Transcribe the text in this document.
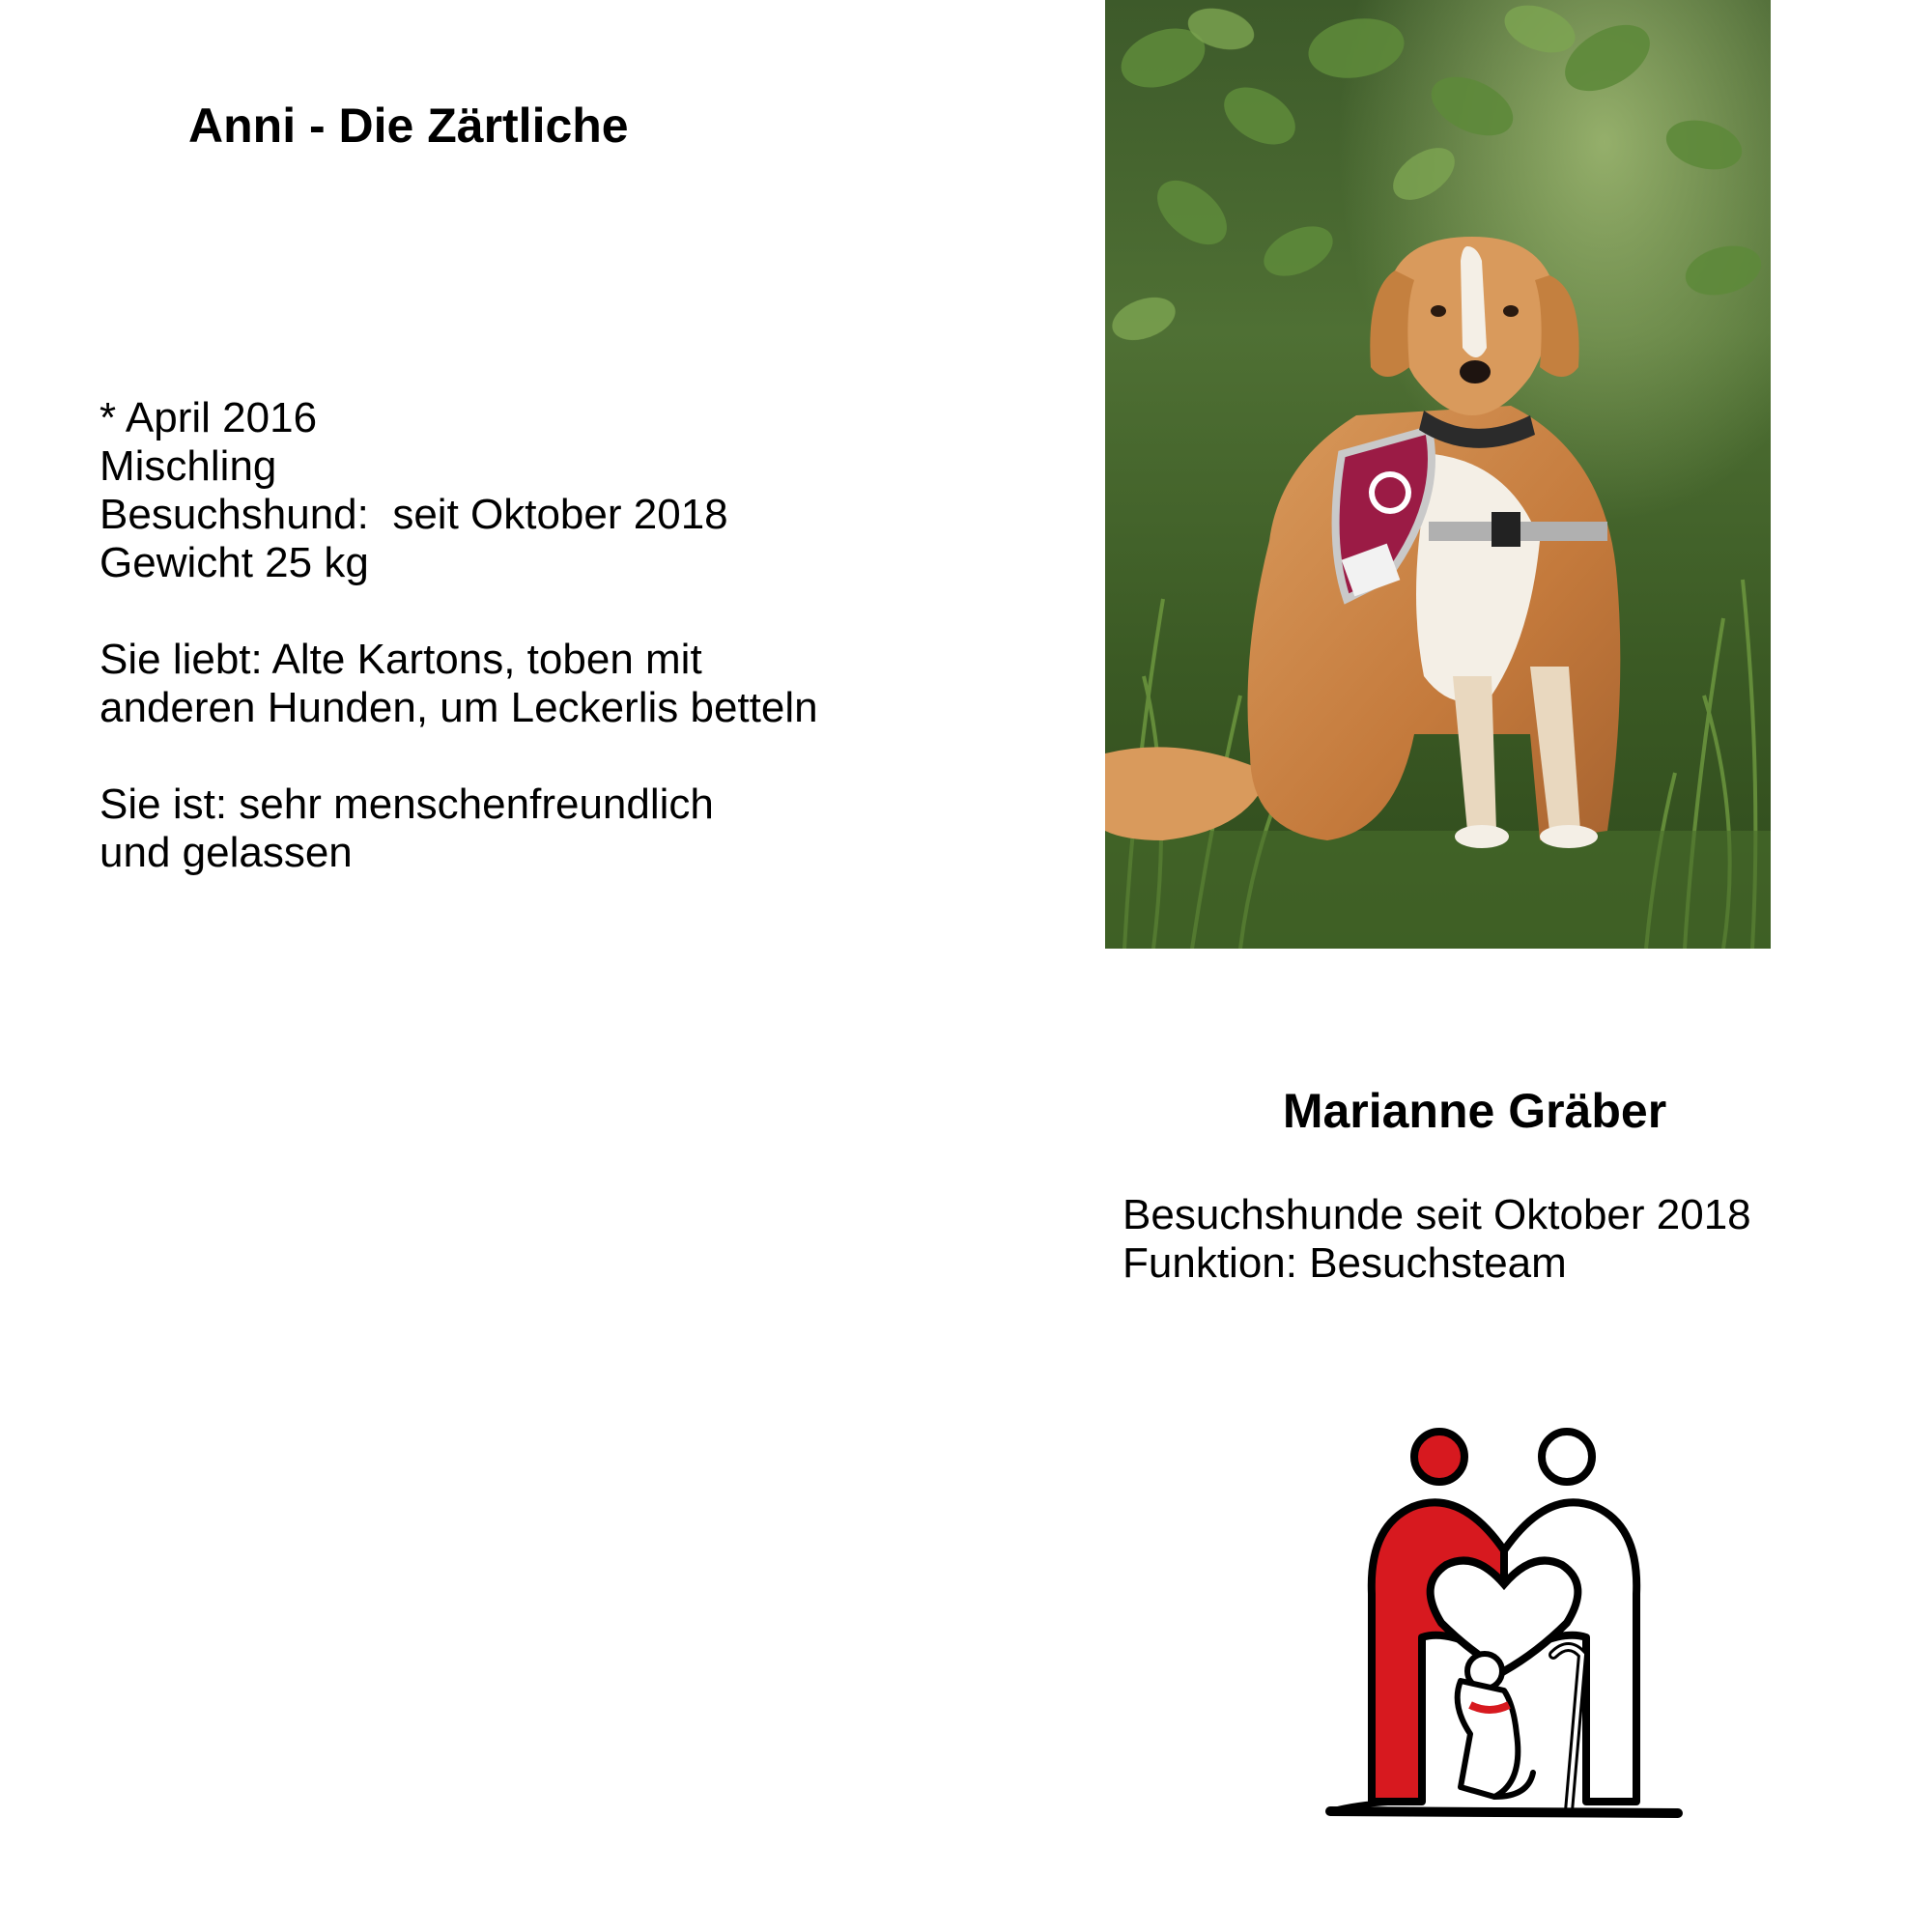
Anni - Die Zärtliche
* April 2016
Mischling
Besuchshund:  seit Oktober 2018
Gewicht 25 kg
Sie liebt: Alte Kartons, toben mit
anderen Hunden, um Leckerlis betteln
Sie ist: sehr menschenfreundlich
und gelassen
Marianne Gräber
Besuchshunde seit Oktober 2018
Funktion: Besuchsteam
